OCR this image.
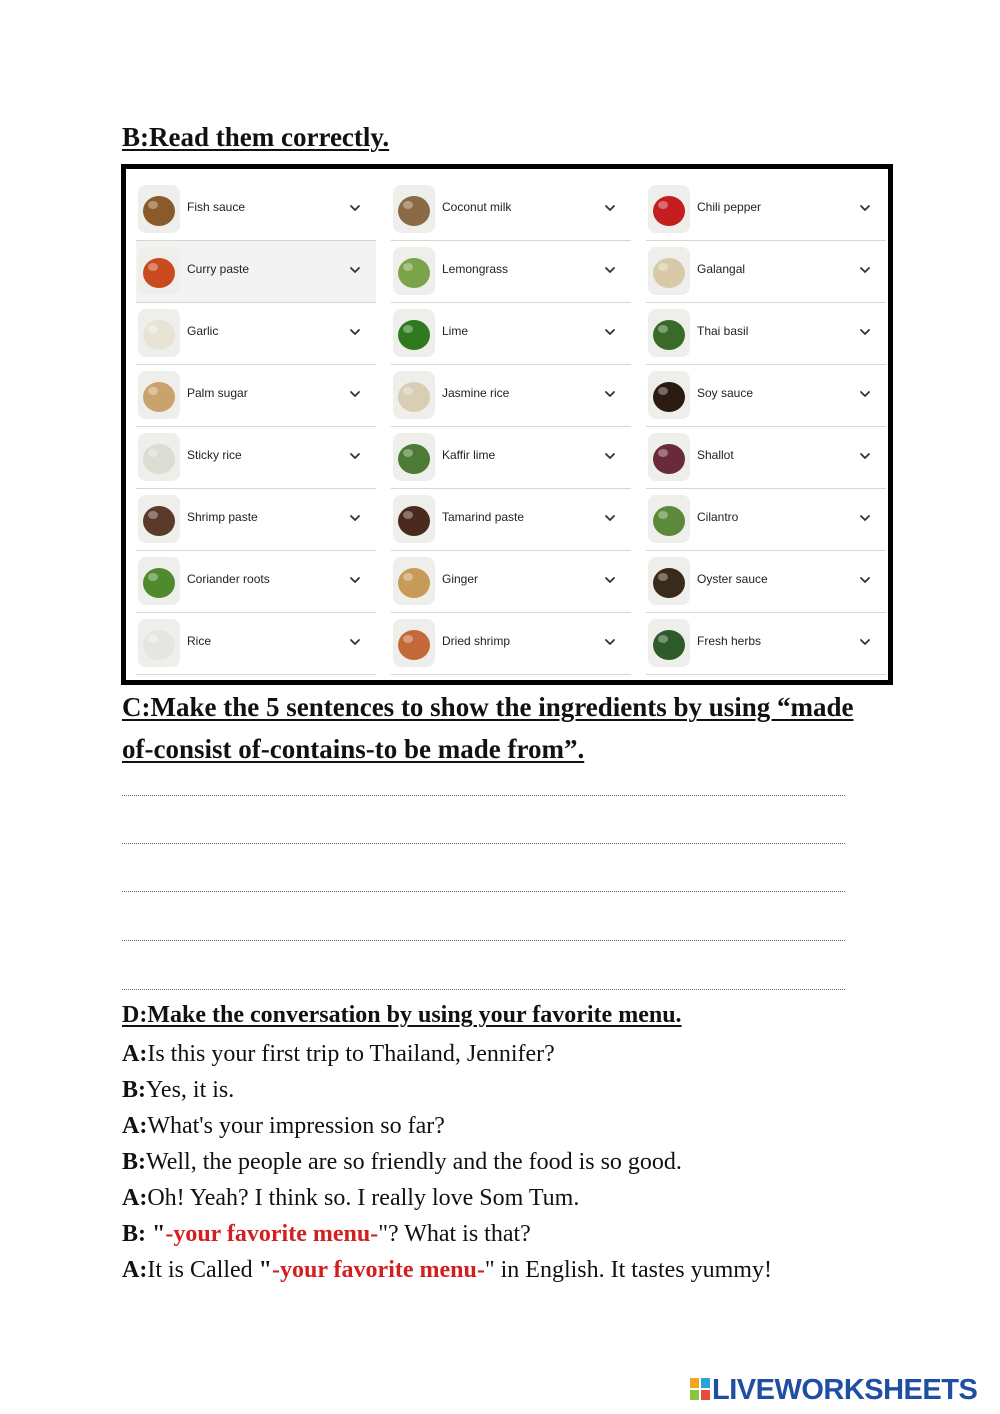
B:Read them correctly.
Fish sauce
Curry paste
Garlic
Palm sugar
Sticky rice
Shrimp paste
Coriander roots
Rice
Coconut milk
Lemongrass
Lime
Jasmine rice
Kaffir lime
Tamarind paste
Ginger
Dried shrimp
Chili pepper
Galangal
Thai basil
Soy sauce
Shallot
Cilantro
Oyster sauce
Fresh herbs
C:Make the 5 sentences to show the ingredients by using “made of-consist of-contains-to be made from”.
D:Make the conversation by using your favorite menu.
A:Is this your first trip to Thailand, Jennifer?
B:Yes, it is.
A:What's your impression so far?
B:Well, the people are so friendly and the food is so good.
A:Oh! Yeah? I think so. I really love Som Tum.
B: "-your favorite menu-"? What is that?
A:It is Called "-your favorite menu-" in English. It tastes yummy!
LIVEWORKSHEETS
